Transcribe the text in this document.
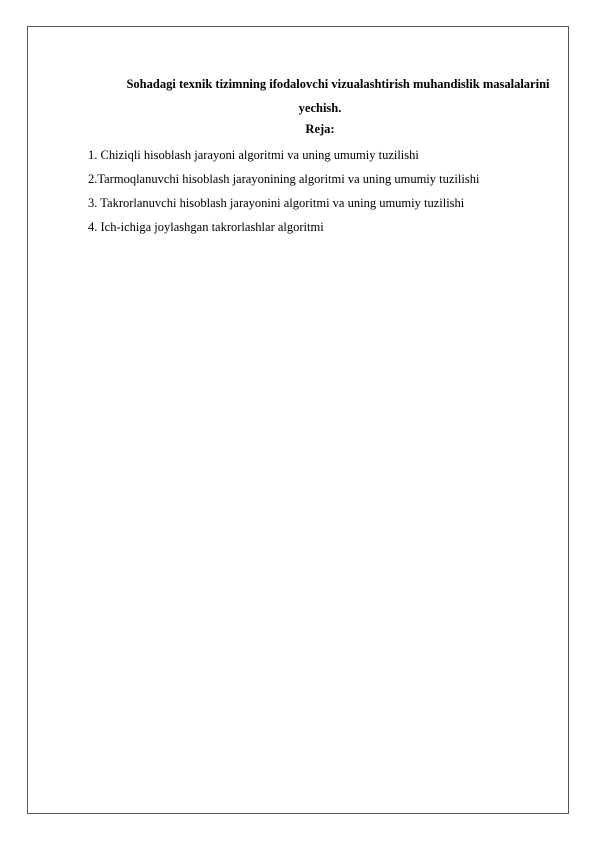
Sohadagi texnik tizimning ifodalovchi vizualashtirish muhandislik masalalarini yechish.
Reja:
1. Chiziqli hisoblash jarayoni algoritmi va uning umumiy tuzilishi
2.Tarmoqlanuvchi hisoblash jarayonining algoritmi va uning umumiy tuzilishi
3. Takrorlanuvchi hisoblash jarayonini algoritmi va uning umumiy tuzilishi
4. Ich-ichiga joylashgan takrorlashlar algoritmi
